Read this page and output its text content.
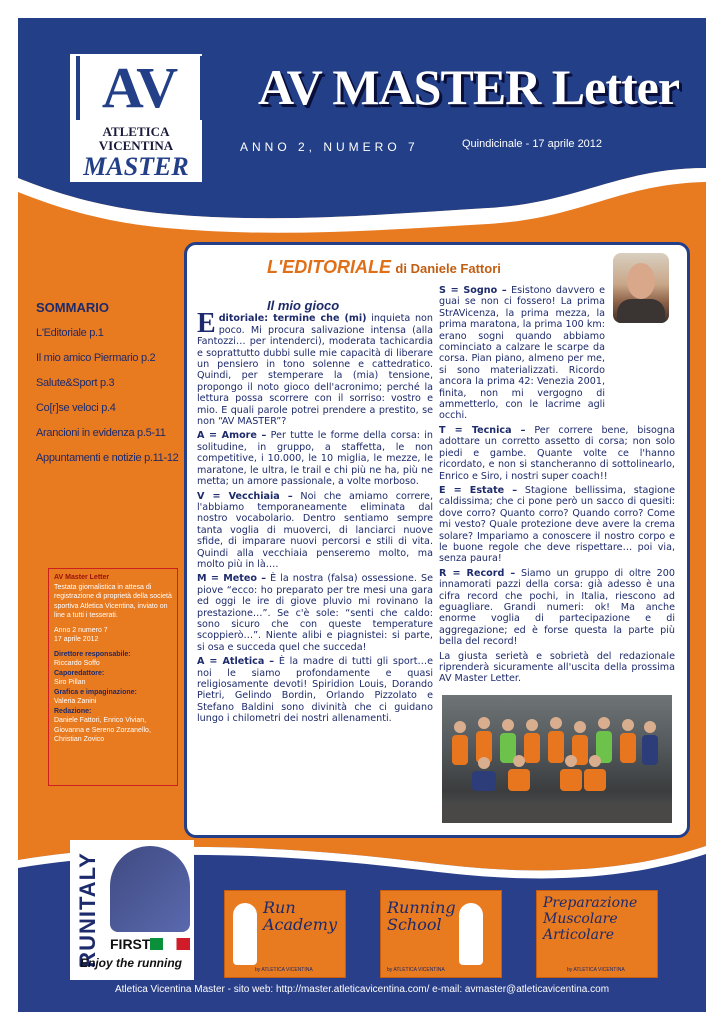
AV
ATLETICA
VICENTINA
MASTER
AV MASTER Letter
ANNO 2, NUMERO 7	Quindicinale - 17 aprile 2012
SOMMARIO
L'Editoriale p.1
Il mio amico Piermario p.2
Salute&Sport p.3
Co[r]se veloci p.4
Arancioni in evidenza p.5-11
Appuntamenti e notizie p.11-12
AV Master Letter
Testata giornalistica in attesa di registrazione di proprietà della società sportiva Atletica Vicentina, inviato on line a tutti i tesserati.
Anno 2 numero 7
17 aprile 2012
Direttore responsabile:
Riccardo Soffo
Caporedattore:
Siro Pillan
Grafica e impaginazione:
Valeria Zanini
Redazione:
Daniele Fattori, Enrico Vivian, Giovanna e Sereno Zorzanello, Christian Zovico
L'EDITORIALE di Daniele Fattori
Il mio gioco

Editoriale: termine che (mi) inquieta non poco. Mi procura salivazione intensa (alla Fantozzi… per intenderci), moderata tachicardia e soprattutto dubbi sulle mie capacità di liberare un pensiero in tono solenne e cattedratico. Quindi, per stemperare la (mia) tensione, propongo il noto gioco dell'acronimo; perché la lettura possa scorrere con il sorriso: vostro e mio. E quali parole potrei prendere a prestito, se non “AV MASTER”?

A = Amore – Per tutte le forme della corsa: in solitudine, in gruppo, a staffetta, le non competitive, i 10.000, le 10 miglia, le mezze, le maratone, le ultra, le trail e chi più ne ha, più ne metta; un amore passionale, a volte morboso.

V = Vecchiaia – Noi che amiamo correre, l'abbiamo temporaneamente eliminata dal nostro vocabolario. Dentro sentiamo sempre tanta voglia di muoverci, di lanciarci nuove sfide, di imparare nuovi percorsi e stili di vita. Quindi alla vecchiaia penseremo molto, ma molto più in là….

M = Meteo – È la nostra (falsa) ossessione. Se piove “ecco: ho preparato per tre mesi una gara ed oggi le ire di giove pluvio mi rovinano la prestazione…”. Se c'è sole: “senti che caldo: sono sicuro che con queste temperature scoppierò…”. Niente alibi e piagnistei: si parte, si osa e succeda quel che succeda!

A = Atletica – È la madre di tutti gli sport…e noi le siamo profondamente e quasi religiosamente devoti! Spiridion Louis, Dorando Pietri, Gelindo Bordin, Orlando Pizzolato e Stefano Baldini sono divinità che ci guidano lungo i chilometri dei nostri allenamenti.

S = Sogno – Esistono davvero e guai se non ci fossero! La prima StrAVicenza, la prima mezza, la prima maratona, la prima 100 km: erano sogni quando abbiamo cominciato a calzare le scarpe da corsa. Pian piano, almeno per me, si sono materializzati. Ricordo ancora la prima 42: Venezia 2001, finita, non mi vergogno di ammetterlo, con le lacrime agli occhi.

T = Tecnica – Per correre bene, bisogna adottare un corretto assetto di corsa; non solo piedi e gambe. Quante volte ce l'hanno ricordato, e non si stancheranno di sottolinearlo, Enrico e Siro, i nostri super coach!!

E = Estate – Stagione bellissima, stagione caldissima; che ci pone però un sacco di quesiti: dove corro? Quanto corro? Quando corro? Come mi vesto? Quale protezione deve avere la crema solare? Impariamo a conoscere il nostro corpo e le buone regole che deve rispettare… poi via, senza paura!

R = Record – Siamo un gruppo di oltre 200 innamorati pazzi della corsa: già adesso è una cifra record che pochi, in Italia, riescono ad eguagliare. Grandi numeri: ok! Ma anche enorme voglia di partecipazione e di aggregazione; ed è forse questa la parte più bella del record!

La giusta serietà e sobrietà del redazionale riprenderà sicuramente all'uscita della prossima AV Master Letter.

RUNITALY FIRST
Enjoy the running
Run Academy
by ATLETICA VICENTINA
Running School
by ATLETICA VICENTINA
Preparazione Muscolare Articolare
by ATLETICA VICENTINA
Atletica Vicentina Master - sito web: http://master.atleticavicentina.com/ e-mail: avmaster@atleticavicentina.com
